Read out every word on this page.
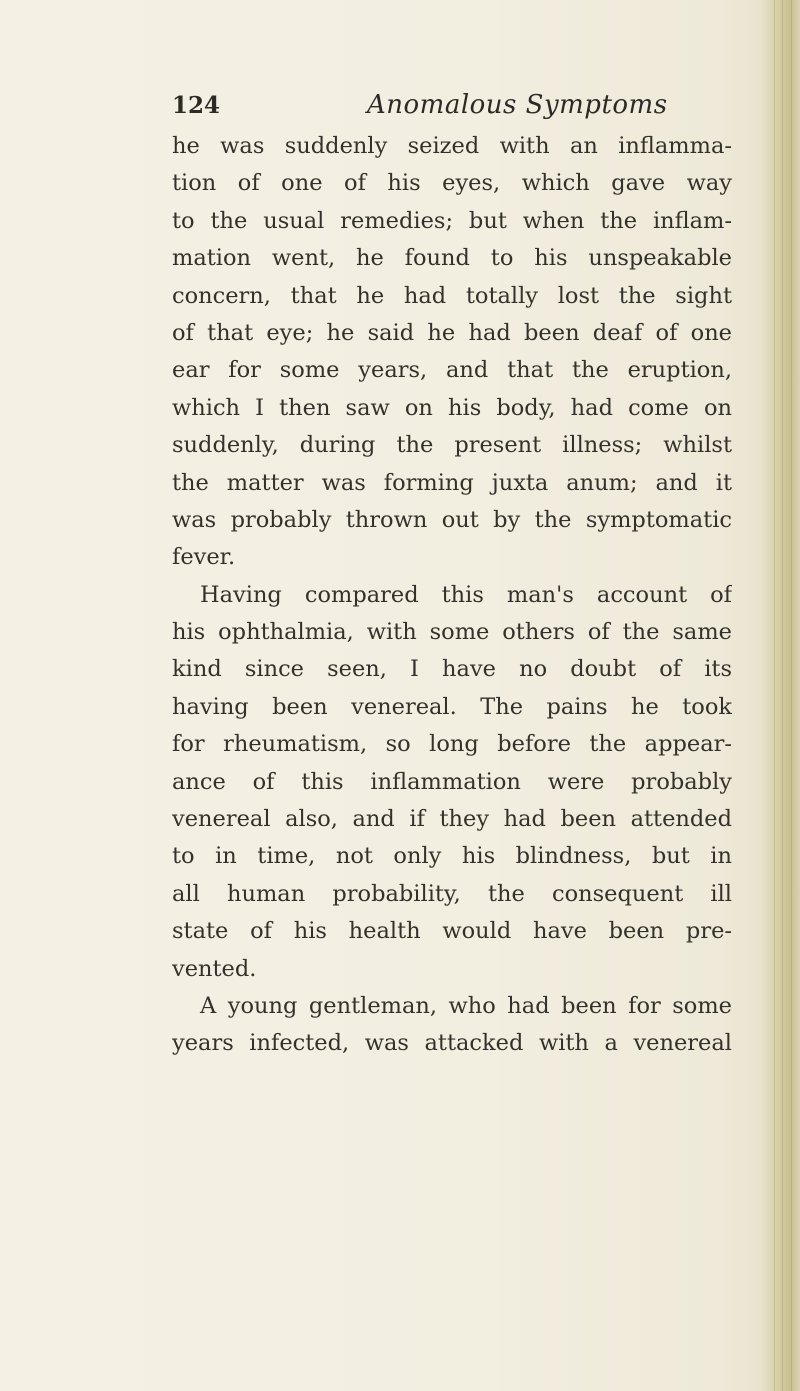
124	Anomalous Symptoms
he was suddenly seized with an inflamma-
tion of one of his eyes, which gave way
to the usual remedies; but when the inflam-
mation went, he found to his unspeakable
concern, that he had totally lost the sight
of that eye; he said he had been deaf of one
ear for some years, and that the eruption,
which I then saw on his body, had come on
suddenly, during the present illness; whilst
the matter was forming juxta anum; and it
was probably thrown out by the symptomatic
fever.
Having compared this man's account of
his ophthalmia, with some others of the same
kind since seen, I have no doubt of its
having been venereal. The pains he took
for rheumatism, so long before the appear-
ance of this inflammation were probably
venereal also, and if they had been attended
to in time, not only his blindness, but in
all human probability, the consequent ill
state of his health would have been pre-
vented.
A young gentleman, who had been for some
years infected, was attacked with a venereal
